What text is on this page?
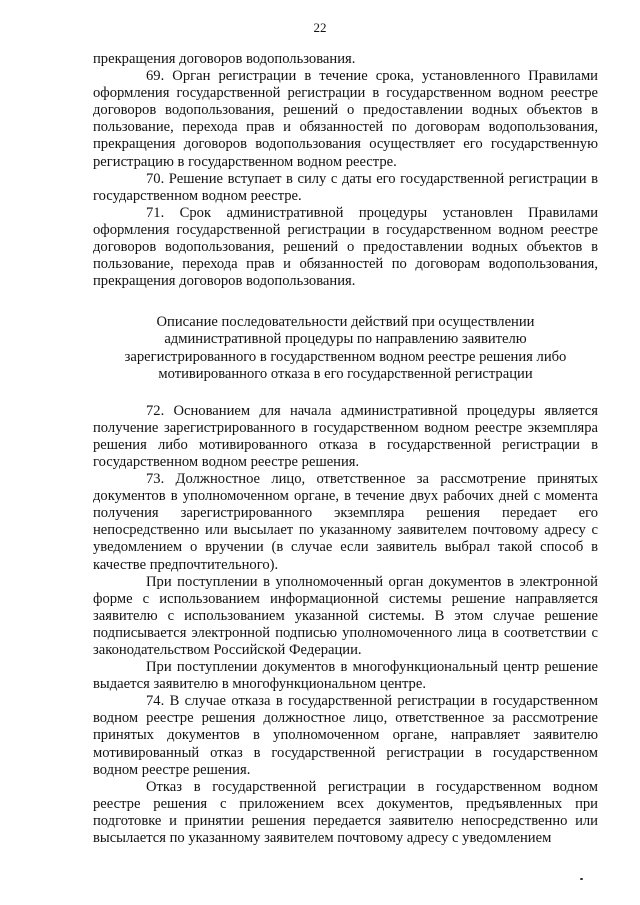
22

прекращения договоров водопользования.

69. Орган регистрации в течение срока, установленного Правилами оформления государственной регистрации в государственном водном реестре договоров водопользования, решений о предоставлении водных объектов в пользование, перехода прав и обязанностей по договорам водопользования, прекращения договоров водопользования осуществляет его государственную регистрацию в государственном водном реестре.

70. Решение вступает в силу с даты его государственной регистрации в государственном водном реестре.

71. Срок административной процедуры установлен Правилами оформления государственной регистрации в государственном водном реестре договоров водопользования, решений о предоставлении водных объектов в пользование, перехода прав и обязанностей по договорам водопользования, прекращения договоров водопользования.

Описание последовательности действий при осуществлении административной процедуры по направлению заявителю зарегистрированного в государственном водном реестре решения либо мотивированного отказа в его государственной регистрации

72. Основанием для начала административной процедуры является получение зарегистрированного в государственном водном реестре экземпляра решения либо мотивированного отказа в государственной регистрации в государственном водном реестре решения.

73. Должностное лицо, ответственное за рассмотрение принятых документов в уполномоченном органе, в течение двух рабочих дней с момента получения зарегистрированного экземпляра решения передает его непосредственно или высылает по указанному заявителем почтовому адресу с уведомлением о вручении (в случае если заявитель выбрал такой способ в качестве предпочтительного).

При поступлении в уполномоченный орган документов в электронной форме с использованием информационной системы решение направляется заявителю с использованием указанной системы. В этом случае решение подписывается электронной подписью уполномоченного лица в соответствии с законодательством Российской Федерации.

При поступлении документов в многофункциональный центр решение выдается заявителю в многофункциональном центре.

74. В случае отказа в государственной регистрации в государственном водном реестре решения должностное лицо, ответственное за рассмотрение принятых документов в уполномоченном органе, направляет заявителю мотивированный отказ в государственной регистрации в государственном водном реестре решения.

Отказ в государственной регистрации в государственном водном реестре решения с приложением всех документов, предъявленных при подготовке и принятии решения передается заявителю непосредственно или высылается по указанному заявителем почтовому адресу с уведомлением
